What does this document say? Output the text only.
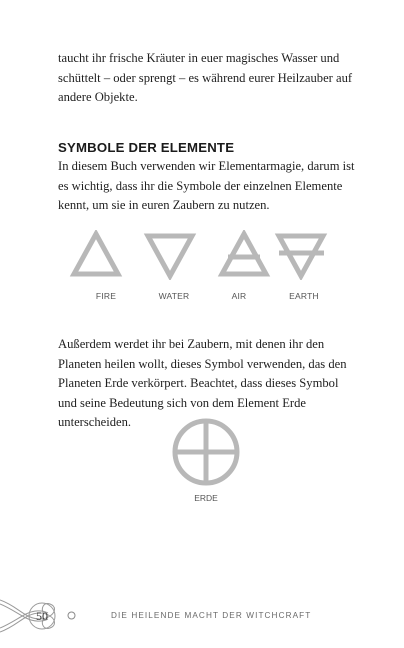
taucht ihr frische Kräuter in euer magisches Wasser und schüttelt – oder sprengt – es während eurer Heilzauber auf andere Objekte.

SYMBOLE DER ELEMENTE

In diesem Buch verwenden wir Elementarmagie, darum ist es wichtig, dass ihr die Symbole der einzelnen Elemente kennt, um sie in euren Zaubern zu nutzen.

FIRE	WATER	AIR	EARTH

Außerdem werdet ihr bei Zaubern, mit denen ihr den Planeten heilen wollt, dieses Symbol verwenden, das den Planeten Erde verkörpert. Beachtet, dass dieses Symbol und seine Bedeutung sich von dem Element Erde unterscheiden.

ERDE
50	DIE HEILENDE MACHT DER WITCHCRAFT
